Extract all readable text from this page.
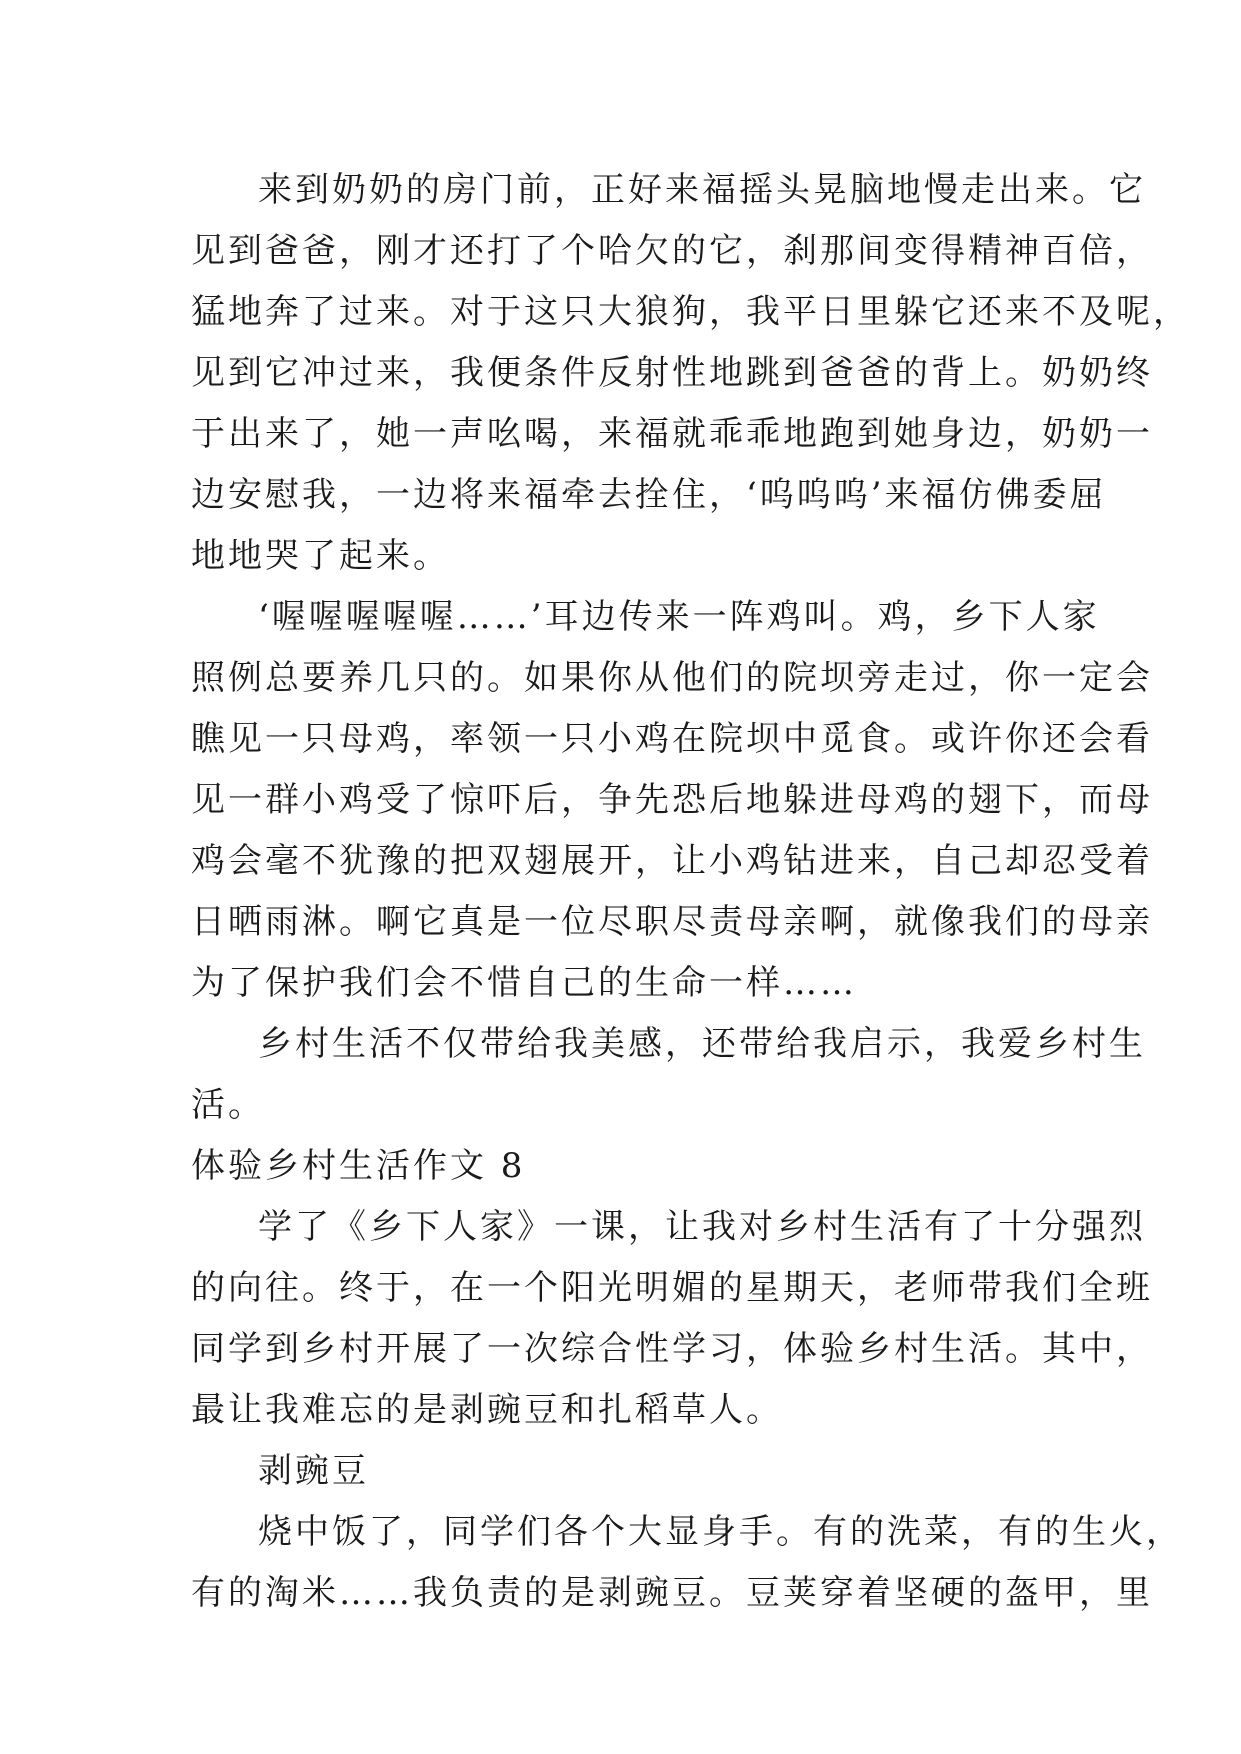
来到奶奶的房门前，正好来福摇头晃脑地慢走出来。它
见到爸爸，刚才还打了个哈欠的它，刹那间变得精神百倍，
猛地奔了过来。对于这只大狼狗，我平日里躲它还来不及呢，
见到它冲过来，我便条件反射性地跳到爸爸的背上。奶奶终
于出来了，她一声吆喝，来福就乖乖地跑到她身边，奶奶一
边安慰我，一边将来福牵去拴住，‘呜呜呜’来福仿佛委屈
地地哭了起来。
‘喔喔喔喔喔……’耳边传来一阵鸡叫。鸡，乡下人家
照例总要养几只的。如果你从他们的院坝旁走过，你一定会
瞧见一只母鸡，率领一只小鸡在院坝中觅食。或许你还会看
见一群小鸡受了惊吓后，争先恐后地躲进母鸡的翅下，而母
鸡会毫不犹豫的把双翅展开，让小鸡钻进来，自己却忍受着
日晒雨淋。啊它真是一位尽职尽责母亲啊，就像我们的母亲
为了保护我们会不惜自己的生命一样……
乡村生活不仅带给我美感，还带给我启示，我爱乡村生
活。
体验乡村生活作文 8
学了《乡下人家》一课，让我对乡村生活有了十分强烈
的向往。终于，在一个阳光明媚的星期天，老师带我们全班
同学到乡村开展了一次综合性学习，体验乡村生活。其中，
最让我难忘的是剥豌豆和扎稻草人。
剥豌豆
烧中饭了，同学们各个大显身手。有的洗菜，有的生火，
有的淘米……我负责的是剥豌豆。豆荚穿着坚硬的盔甲，里
